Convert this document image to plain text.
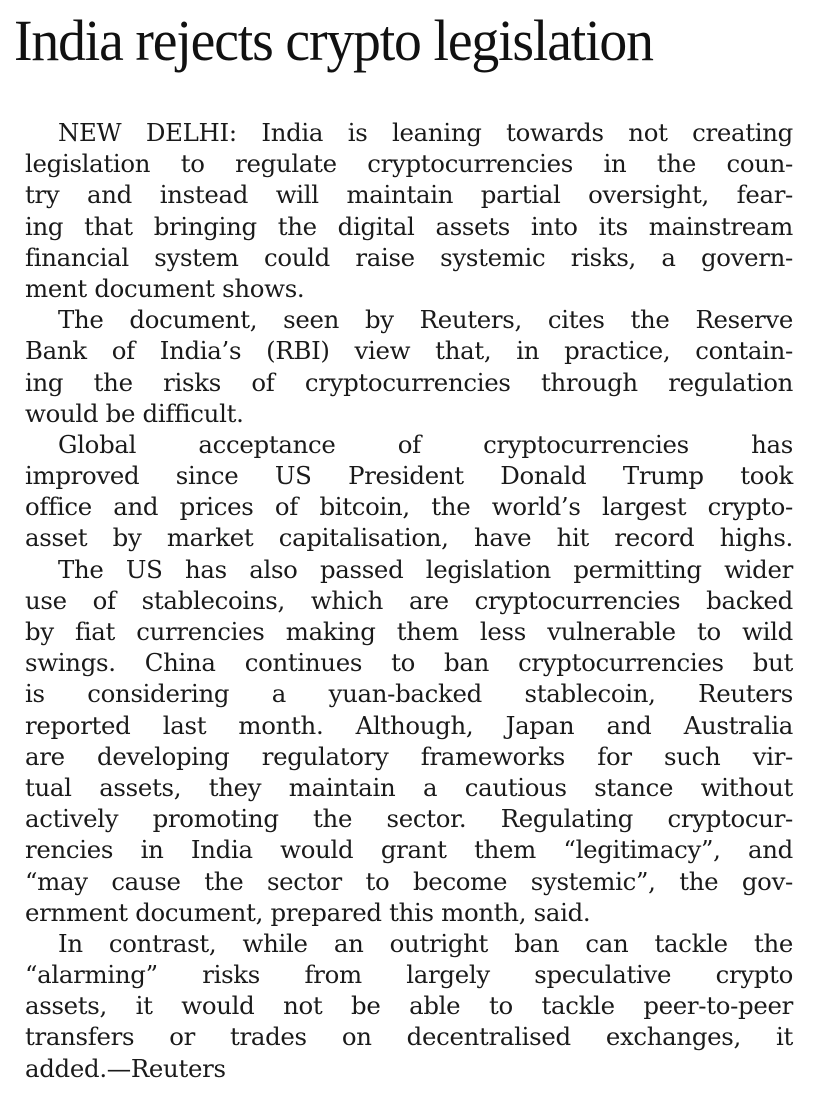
India rejects crypto legislation
NEW DELHI: India is leaning towards not creating
legislation to regulate cryptocurrencies in the coun-
try and instead will maintain partial oversight, fear-
ing that bringing the digital assets into its mainstream
financial system could raise systemic risks, a govern-
ment document shows.
The document, seen by Reuters, cites the Reserve
Bank of India’s (RBI) view that, in practice, contain-
ing the risks of cryptocurrencies through regulation
would be difficult.
Global acceptance of cryptocurrencies has
improved since US President Donald Trump took
office and prices of bitcoin, the world’s largest crypto-
asset by market capitalisation, have hit record highs.
The US has also passed legislation permitting wider
use of stablecoins, which are cryptocurrencies backed
by fiat currencies making them less vulnerable to wild
swings. China continues to ban cryptocurrencies but
is considering a yuan-backed stablecoin, Reuters
reported last month. Although, Japan and Australia
are developing regulatory frameworks for such vir-
tual assets, they maintain a cautious stance without
actively promoting the sector. Regulating cryptocur-
rencies in India would grant them “legitimacy”, and
“may cause the sector to become systemic”, the gov-
ernment document, prepared this month, said.
In contrast, while an outright ban can tackle the
“alarming” risks from largely speculative crypto
assets, it would not be able to tackle peer-to-peer
transfers or trades on decentralised exchanges, it
added.—Reuters
